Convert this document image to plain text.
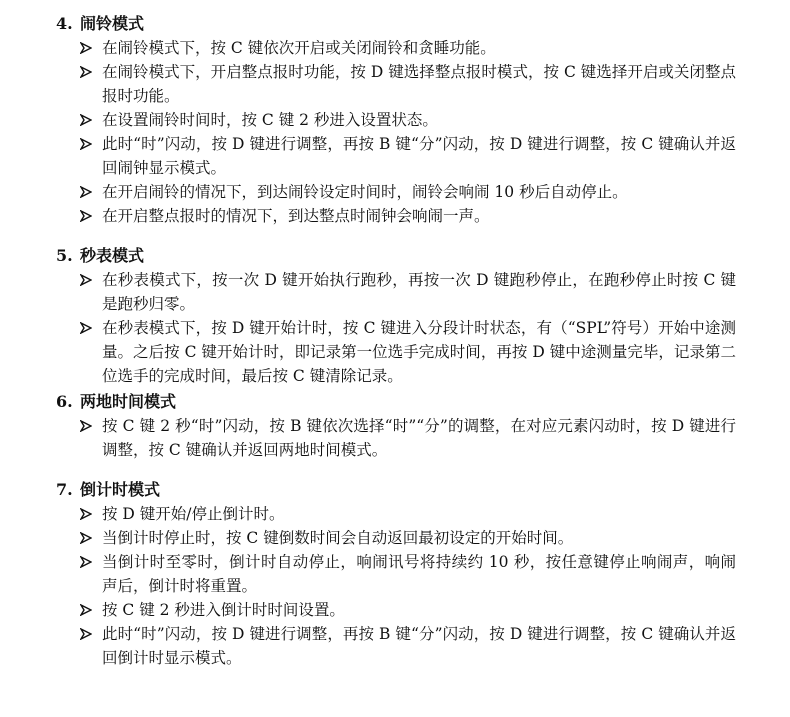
4. 闹铃模式
在闹铃模式下，按 C 键依次开启或关闭闹铃和贪睡功能。
在闹铃模式下，开启整点报时功能，按 D 键选择整点报时模式，按 C 键选择开启或关闭整点报时功能。
在设置闹铃时间时，按 C 键 2 秒进入设置状态。
此时“时”闪动，按 D 键进行调整，再按 B 键“分”闪动，按 D 键进行调整，按 C 键确认并返回闹钟显示模式。
在开启闹铃的情况下，到达闹铃设定时间时，闹铃会响闹 10 秒后自动停止。
在开启整点报时的情况下，到达整点时闹钟会响闹一声。
5. 秒表模式
在秒表模式下，按一次 D 键开始执行跑秒，再按一次 D 键跑秒停止，在跑秒停止时按 C 键是跑秒归零。
在秒表模式下，按 D 键开始计时，按 C 键进入分段计时状态，有（“SPL”符号）开始中途测量。之后按 C 键开始计时，即记录第一位选手完成时间，再按 D 键中途测量完毕，记录第二位选手的完成时间，最后按 C 键清除记录。
6. 两地时间模式
按 C 键 2 秒“时”闪动，按 B 键依次选择“时”“分”的调整，在对应元素闪动时，按 D 键进行调整，按 C 键确认并返回两地时间模式。
7. 倒计时模式
按 D 键开始/停止倒计时。
当倒计时停止时，按 C 键倒数时间会自动返回最初设定的开始时间。
当倒计时至零时，倒计时自动停止，响闹讯号将持续约 10 秒，按任意键停止响闹声，响闹声后，倒计时将重置。
按 C 键 2 秒进入倒计时时间设置。
此时“时”闪动，按 D 键进行调整，再按 B 键“分”闪动，按 D 键进行调整，按 C 键确认并返回倒计时显示模式。
